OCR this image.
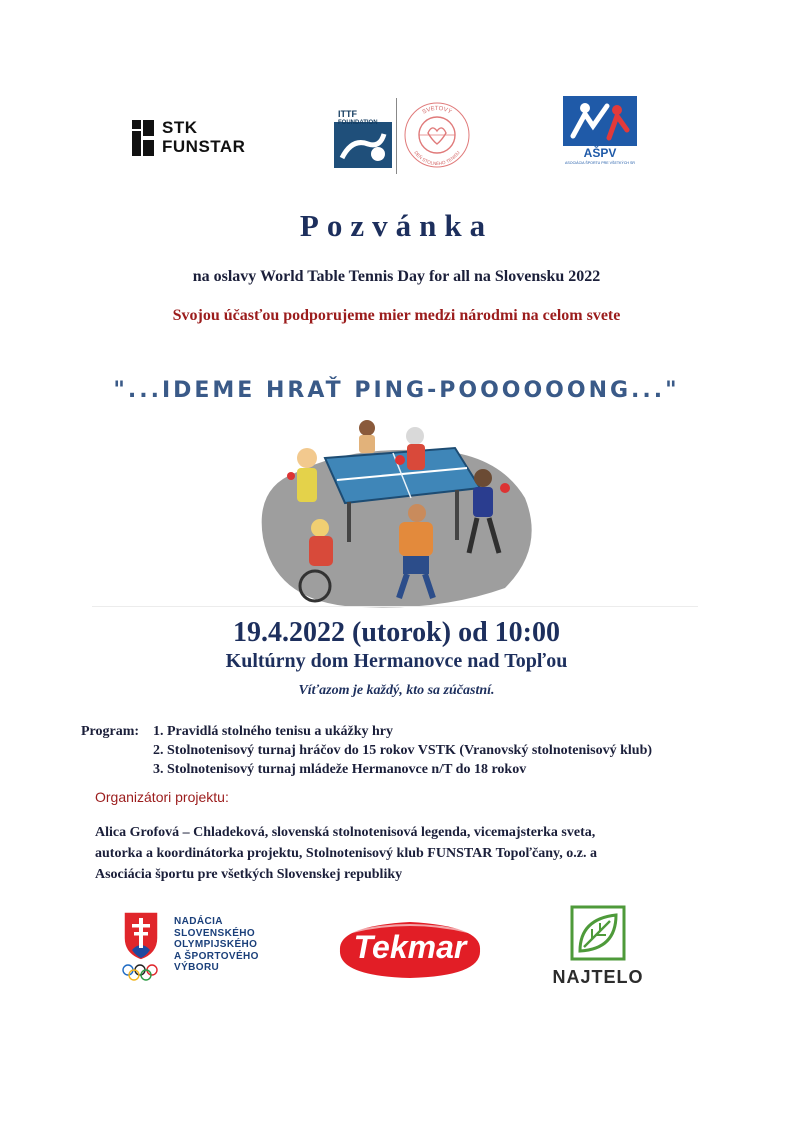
STK
FUNSTAR
ITTF
FOUNDATION
SVETOVÝ
DEŇ STOLNÉHO TENISU	AŠPV
ASOCIÁCIA ŠPORTU PRE VŠETKÝCH SR
Pozvánka
na oslavy World Table Tennis Day for all na Slovensku 2022
Svojou účasťou podporujeme mier medzi národmi na celom svete
"...IDEME HRAŤ PING-POOOOOONG..."
19.4.2022 (utorok) od 10:00
Kultúrny dom Hermanovce nad Topľou
Víťazom je každý, kto sa zúčastní.
Program: 1. Pravidlá stolného tenisu a ukážky hry
2. Stolnotenisový turnaj hráčov do 15 rokov VSTK (Vranovský stolnotenisový klub)
3. Stolnotenisový turnaj mládeže Hermanovce n/T do 18 rokov
Organizátori projektu:
Alica Grofová – Chladeková, slovenská stolnotenisová legenda, vicemajsterka sveta,
autorka a koordinátorka projektu, Stolnotenisový klub FUNSTAR Topoľčany, o.z. a
Asociácia športu pre všetkých Slovenskej republiky
NADÁCIA
SLOVENSKÉHO
OLYMPIJSKÉHO
A ŠPORTOVÉHO
VÝBORU
Tekmar
NAJTELO
